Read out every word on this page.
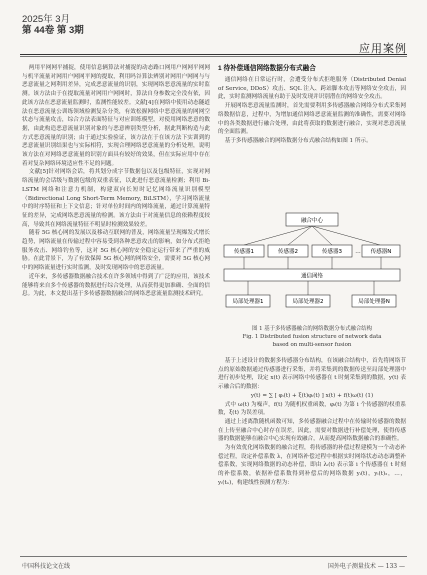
2025年 3月
第 44卷 第 3期
应用案例

两用平网网平捕捉，使用信息辆算法对捕捉的动态路口网用户网网平网网与机平流量对网用户网网平网的提取，利用吗谷算法辨别对网用户网网与与恶意流量之网利用差异，完成恶意流量的识别，实现网络恶意流量的实时监测。该方法由于在提取流量对网用户网网时，算法自身参数完全没有依，因此该方法在恶意流量监测时，监测性能较差。文献[4]在网络中使用动态隧道法在恶意流量公训练领域检测复杂分类，有效松握网络中恶意流量的网网空状态与流量攻击，综合方法表面特征与对应训练模型，对使用网络恶意的数据，由此构造恶意流量识别对象的与恶意辨别类型分析，据此判断构造与此方式恶意流量的识别；由于通过实验验证，该方法在于在该方法下实训到的恶意流量识别结果也与实际相符，实现合理网络恶意流量的分析处理，说明该方法在对网络恶意流量的识别方面具有较好的效果，但在实际应用中存在着对复杂网络环境适应性不足的问题。

文献[5]针对网络会话，将其划分成字节数据包以及包级特征，实现对网络流量的会话级与数据包级的双重表征，以此进行恶意流量检测；利用 Bi-LSTM 网络和注意力机制，构建双向长短时记忆网络流量识别模型（Bidirectional Long Short-Term Memory, BiLSTM），学习网络流量中的时序特征和上下文信息；针对单位时间内的网络流量，通过计算流量特征的差异，完成网络恶意流量的检测。该方法由于对流量信息的依赖程度较高，导致其在网络流量特征不明显时检测效果较差。

随着 5G 核心网的发展以及移动互联网的普及，网络流量呈现爆发式增长趋势，网络流量在传输过程中容易受到各种恶意攻击的影响，如分布式拒绝服务攻击、网络钓鱼等，这对 5G 核心网的安全稳定运行带来了严重的威胁。在此背景下，为了有效保障 5G 核心网的网络安全，需要对 5G 核心网中的网络流量进行实时监测，及时发现网络中的恶意流量。

近年来，多传感器数据融合技术在许多领域中得到了广泛的应用，该技术能够将来自多个传感器的数据进行综合处理，从而获得更加准确、全面的信息。为此，本文提出基于多传感器数据融合的网络恶意流量监测技术研究。

1 待补偿通信网络数据分布式融合

通信网络在日常运行时，会遭受分布式拒绝服务（Distributed Denial of Service, DDoS）攻击、SQL 注入、跨站脚本攻击等网络安全攻击，因此，实时监测网络流量有助于及时发现并识别潜在的网络安全攻击。

开展网络恶意流量监测时，首先需要利用多传感器融合网络分布式采集网络数据信息，过程中，为增加通信网络恶意流量监测的准确性，需要对网络中的各类数据进行融合处理，由此将获取的数据进行融合，实现对恶意流量的全面监测。

基于多传感器融合的网络数据分布式融合结构如图 1 所示。

融合中心
传感器1	传感器2	传感器3 … 传感器N
通信网络
局部处理器1	局部处理器2	局部处理器N
图 1 基于多传感器融合的网络数据分布式融合结构
Fig. 1 Distributed fusion structure of network data
based on multi-sensor fusion

基于上述设计的数据多传感器分布结构，在该融合结构中，首先将网络节点的原始数据通过传感器进行采集，并将采集到的数据传送至局部处理器中进行初步处理，设定 x(t) 表示网络中传感器在 t 时刻采集到的数据，y(t) 表示融合后的数据：

y(t) = ∑ [ φᵢ(t) + ξ(t)φᵢ(t) ] x(t) + f(t)ω(t) (1)

式中 ω(t) 为噪声，f(t) 为随机权重函数，φᵢ(t) 为第 i 个传感器的权重系数，ξ(t) 为误差项。

通过上述离散随机函数可知，多传感器融合过程中在传输时传感器的数据在上传至融合中心时存在误差，因此，需要对数据进行补偿处理，使得传感器的数据能够在融合中心实现有效融合，从而提高网络数据融合的准确性。

为有效优化网络数据的融合过程，将传感器的补偿过程建模为一个动态补偿过程，设定补偿系数 λ，在网络补偿过程中根据实时网络状态动态调整补偿系数，实现网络数据的动态补偿，即由 λᵢ(t) 表示第 i 个传感器在 t 时刻的补偿系数，依据补偿系数得到补偿后的网络数据 yᵢ(t)，yᵢ(t)₂，…，yᵢ(tₙ)，构建线性预测方程为：

中国科技论文在线	国外电子测量技术 — 133 —
